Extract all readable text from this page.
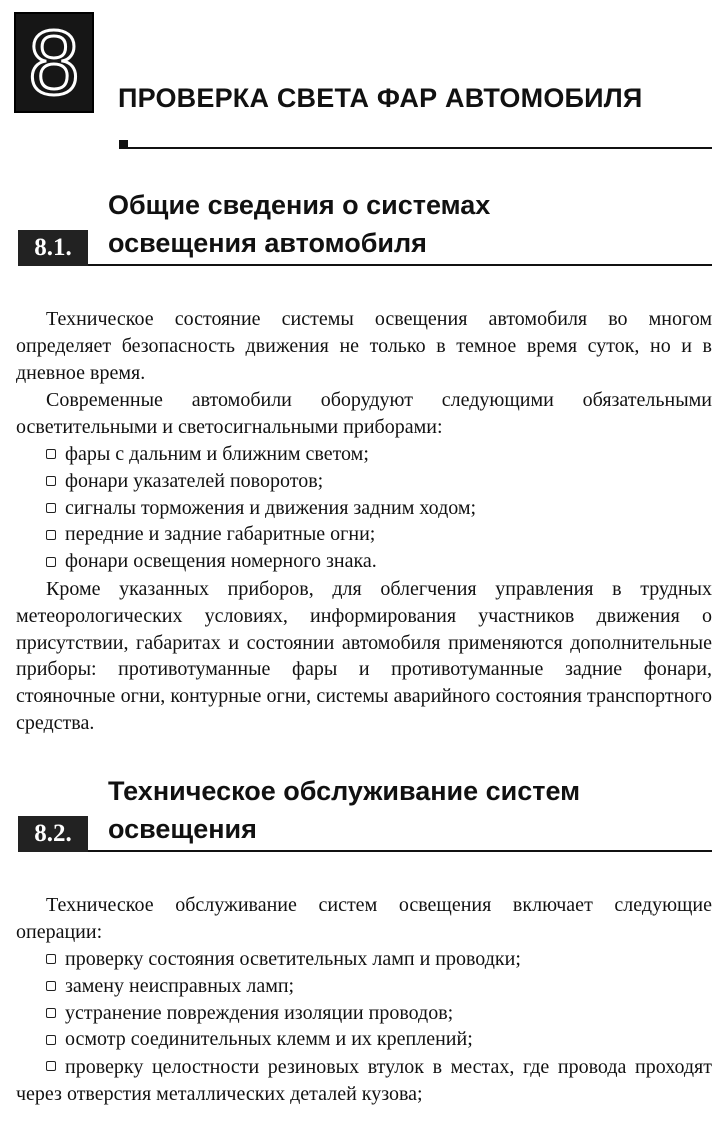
8	ПРОВЕРКА СВЕТА ФАР АВТОМОБИЛЯ
Общие сведения о системах
освещения автомобиля
8.1.

Техническое состояние системы освещения автомобиля во многом определяет безопасность движения не только в темное время суток, но и в дневное время.

Современные автомобили оборудуют следующими обязательными осветительными и светосигнальными приборами:

фары с дальним и ближним светом;
фонари указателей поворотов;
сигналы торможения и движения задним ходом;
передние и задние габаритные огни;
фонари освещения номерного знака.

Кроме указанных приборов, для облегчения управления в трудных метеорологических условиях, информирования участников движения о присутствии, габаритах и состоянии автомобиля применяются дополнительные приборы: противотуманные фары и противотуманные задние фонари, стояночные огни, контурные огни, системы аварийного состояния транспортного средства.

Техническое обслуживание систем
освещения
8.2.

Техническое обслуживание систем освещения включает следующие операции:

проверку состояния осветительных ламп и проводки;
замену неисправных ламп;
устранение повреждения изоляции проводов;
осмотр соединительных клемм и их креплений;

проверку целостности резиновых втулок в местах, где провода проходят через отверстия металлических деталей кузова;
